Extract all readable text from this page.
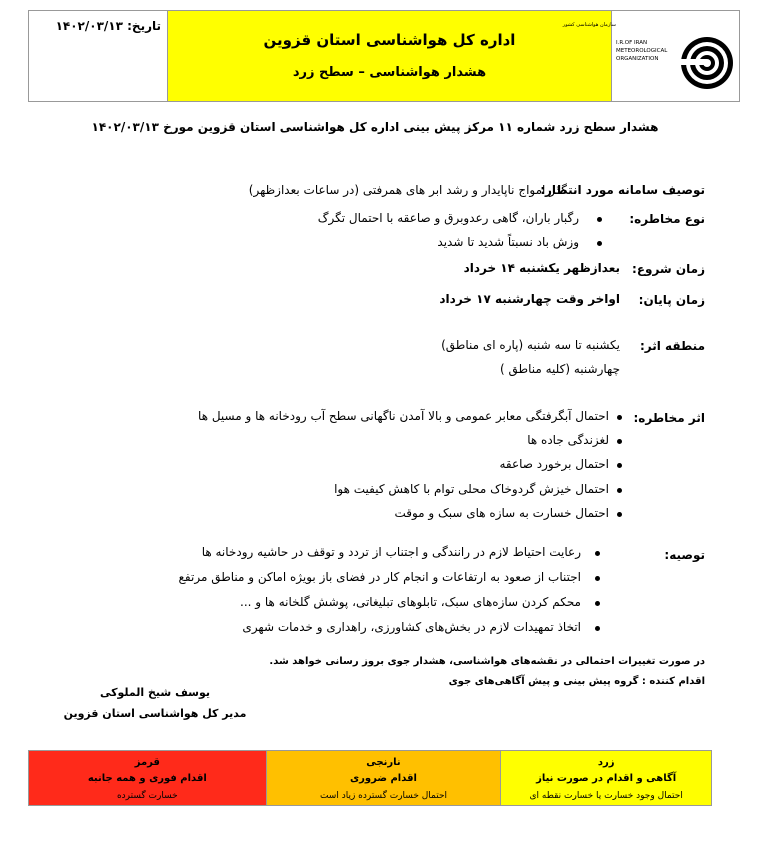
تاریخ: ۱۴۰۲/۰۳/۱۳
اداره کل هواشناسی استان قزوین
هشدار هواشناسی – سطح زرد
سازمان هواشناسی کشور
I.R.OF IRAN
METEOROLOGICAL
ORGANIZATION
هشدار سطح زرد شماره ۱۱ مرکز پیش بینی اداره کل هواشناسی استان قزوین مورخ ۱۴۰۲/۰۳/۱۳
توصیف سامانه مورد انتظار:
گذر امواج ناپایدار و رشد ابر های همرفتی (در ساعات بعدازظهر)
نوع مخاطره:
رگبار باران، گاهی رعدوبرق و صاعقه با احتمال تگرگ
وزش باد نسبتاً شدید تا شدید
زمان شروع:
بعدازظهر یکشنبه ۱۴ خرداد
زمان پایان:
اواخر وقت چهارشنبه ۱۷ خرداد
منطقه اثر:
یکشنبه تا سه شنبه (پاره ای مناطق)
چهارشنبه (کلیه مناطق )
اثر مخاطره:
احتمال آبگرفتگی معابر عمومی و بالا آمدن ناگهانی سطح آب رودخانه ها و مسیل ها
لغزندگی جاده ها
احتمال برخورد صاعقه
احتمال خیزش گردوخاک محلی توام با کاهش کیفیت هوا
احتمال خسارت به سازه های سبک و موقت
توصیه:
رعایت احتیاط لازم در رانندگی و اجتناب از تردد و توقف در حاشیه رودخانه ها
اجتناب از صعود به ارتفاعات و انجام کار در فضای باز بویژه اماکن و مناطق مرتفع
محکم کردن سازه‌های سبک، تابلوهای تبلیغاتی، پوشش گلخانه ها و ...
اتخاذ تمهیدات لازم در بخش‌های کشاورزی، راهداری و خدمات شهری
در صورت تغییرات احتمالی در نقشه‌های هواشناسی، هشدار جوی بروز رسانی خواهد شد.
اقدام کننده : گروه پیش بینی و پیش آگاهی‌های جوی
یوسف شیخ الملوکی
مدیر کل هواشناسی استان قزوین
قرمز
اقدام فوری و همه جانبه
خسارت گسترده
نارنجی
اقدام ضروری
احتمال خسارت گسترده زیاد است
زرد
آگاهی و اقدام در صورت نیاز
احتمال وجود خسارت یا خسارت نقطه ای
